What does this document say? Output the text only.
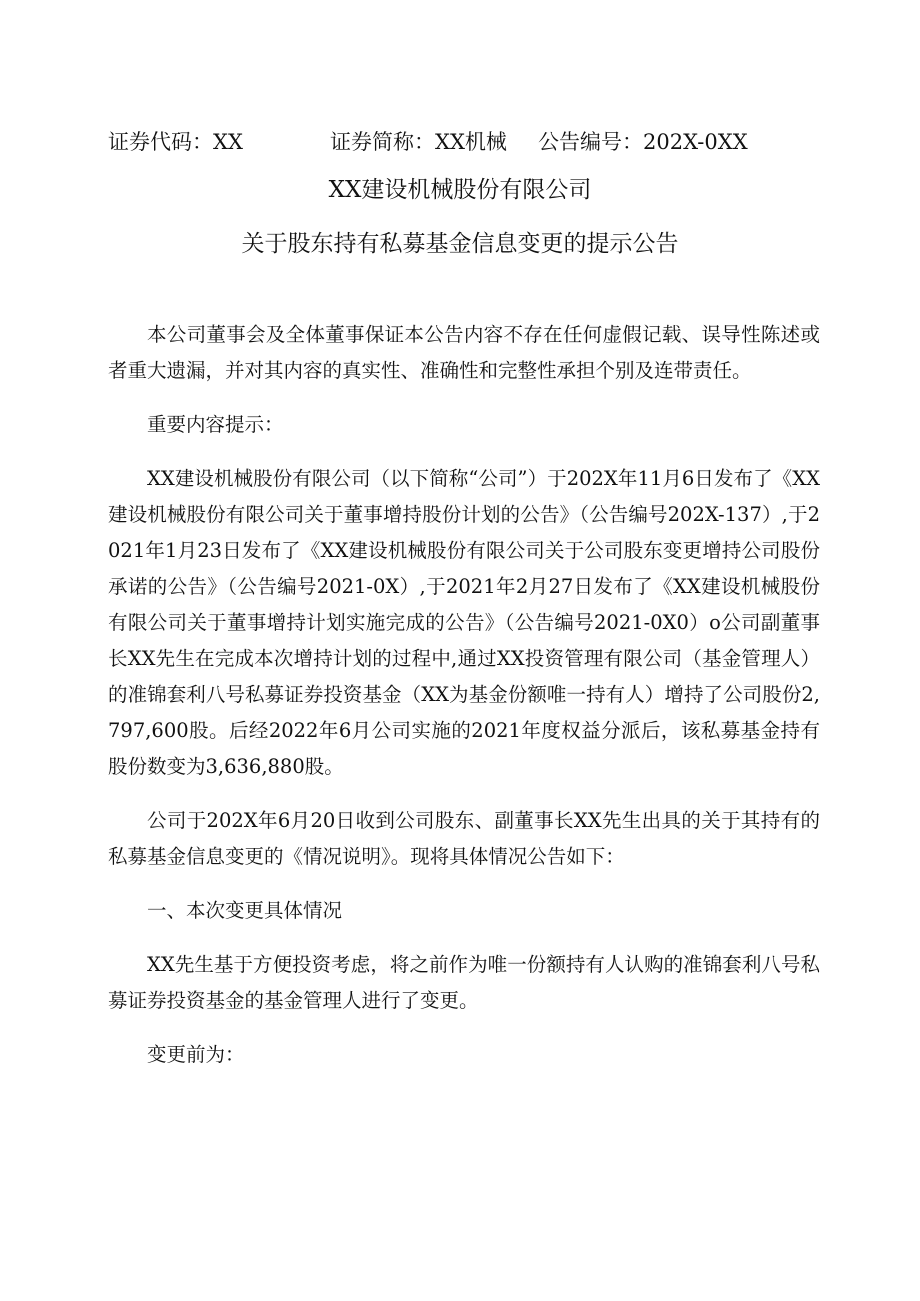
证券代码：XX	证券简称：XX机械 公告编号：202X-0XX
XX建设机械股份有限公司
关于股东持有私募基金信息变更的提示公告

本公司董事会及全体董事保证本公告内容不存在任何虚假记载、误导性陈述或者重大遗漏，并对其内容的真实性、准确性和完整性承担个别及连带责任。

重要内容提示：

XX建设机械股份有限公司（以下简称“公司”）于202X年11月6日发布了《XX建设机械股份有限公司关于董事增持股份计划的公告》（公告编号202X-137）,于2021年1月23日发布了《XX建设机械股份有限公司关于公司股东变更增持公司股份承诺的公告》（公告编号2021-0X）,于2021年2月27日发布了《XX建设机械股份有限公司关于董事增持计划实施完成的公告》（公告编号2021-0X0）o公司副董事长XX先生在完成本次增持计划的过程中,通过XX投资管理有限公司（基金管理人）的准锦套利八号私募证券投资基金（XX为基金份额唯一持有人）增持了公司股份2,797,600股。后经2022年6月公司实施的2021年度权益分派后，该私募基金持有股份数变为3,636,880股。

公司于202X年6月20日收到公司股东、副董事长XX先生出具的关于其持有的私募基金信息变更的《情况说明》。现将具体情况公告如下：

一、本次变更具体情况

XX先生基于方便投资考虑，将之前作为唯一份额持有人认购的准锦套利八号私募证券投资基金的基金管理人进行了变更。

变更前为：
